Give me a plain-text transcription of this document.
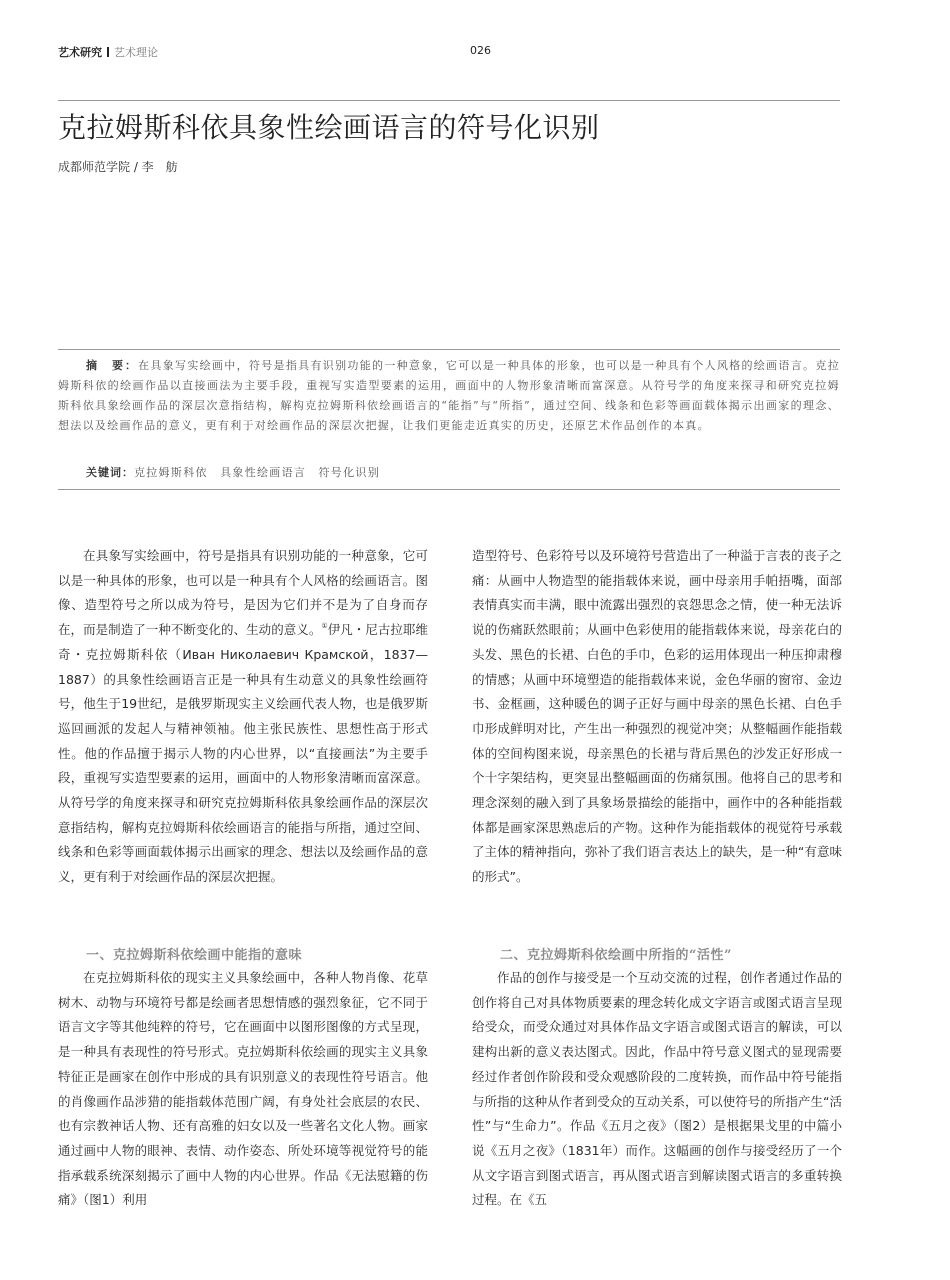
艺术研究 艺术理论	026
克拉姆斯科依具象性绘画语言的符号化识别
成都师范学院 / 李　舫
摘　要：在具象写实绘画中，符号是指具有识别功能的一种意象，它可以是一种具体的形象，也可以是一种具有个人风格的绘画语言。克拉姆斯科依的绘画作品以直接画法为主要手段，重视写实造型要素的运用，画面中的人物形象清晰而富深意。从符号学的角度来探寻和研究克拉姆斯科依具象绘画作品的深层次意指结构，解构克拉姆斯科依绘画语言的“能指”与“所指”，通过空间、线条和色彩等画面载体揭示出画家的理念、想法以及绘画作品的意义，更有利于对绘画作品的深层次把握，让我们更能走近真实的历史，还原艺术作品创作的本真。
关键词：克拉姆斯科依　具象性绘画语言　符号化识别

在具象写实绘画中，符号是指具有识别功能的一种意象，它可以是一种具体的形象，也可以是一种具有个人风格的绘画语言。图像、造型符号之所以成为符号，是因为它们并不是为了自身而存在，而是制造了一种不断变化的、生动的意义。①伊凡・尼古拉耶维奇・克拉姆斯科依（Иван Николаевич Крамской，1837—1887）的具象性绘画语言正是一种具有生动意义的具象性绘画符号，他生于19世纪，是俄罗斯现实主义绘画代表人物，也是俄罗斯巡回画派的发起人与精神领袖。他主张民族性、思想性高于形式性。他的作品擅于揭示人物的内心世界，以“直接画法”为主要手段，重视写实造型要素的运用，画面中的人物形象清晰而富深意。从符号学的角度来探寻和研究克拉姆斯科依具象绘画作品的深层次意指结构，解构克拉姆斯科依绘画语言的能指与所指，通过空间、线条和色彩等画面载体揭示出画家的理念、想法以及绘画作品的意义，更有利于对绘画作品的深层次把握。

一、克拉姆斯科依绘画中能指的意味

在克拉姆斯科依的现实主义具象绘画中，各种人物肖像、花草树木、动物与环境符号都是绘画者思想情感的强烈象征，它不同于语言文字等其他纯粹的符号，它在画面中以图形图像的方式呈现，是一种具有表现性的符号形式。克拉姆斯科依绘画的现实主义具象特征正是画家在创作中形成的具有识别意义的表现性符号语言。他的肖像画作品涉猎的能指载体范围广阔，有身处社会底层的农民、也有宗教神话人物、还有高雅的妇女以及一些著名文化人物。画家通过画中人物的眼神、表情、动作姿态、所处环境等视觉符号的能指承载系统深刻揭示了画中人物的内心世界。作品《无法慰籍的伤痛》（图1）利用

造型符号、色彩符号以及环境符号营造出了一种溢于言表的丧子之痛：从画中人物造型的能指载体来说，画中母亲用手帕捂嘴，面部表情真实而丰满，眼中流露出强烈的哀怨思念之情，使一种无法诉说的伤痛跃然眼前；从画中色彩使用的能指载体来说，母亲花白的头发、黑色的长裙、白色的手巾，色彩的运用体现出一种压抑肃穆的情感；从画中环境塑造的能指载体来说，金色华丽的窗帘、金边书、金框画，这种暖色的调子正好与画中母亲的黑色长裙、白色手巾形成鲜明对比，产生出一种强烈的视觉冲突；从整幅画作能指载体的空间构图来说，母亲黑色的长裙与背后黑色的沙发正好形成一个十字架结构，更突显出整幅画面的伤痛氛围。他将自己的思考和理念深刻的融入到了具象场景描绘的能指中，画作中的各种能指载体都是画家深思熟虑后的产物。这种作为能指载体的视觉符号承载了主体的精神指向，弥补了我们语言表达上的缺失，是一种“有意味的形式”。

二、克拉姆斯科依绘画中所指的“活性”

作品的创作与接受是一个互动交流的过程，创作者通过作品的创作将自己对具体物质要素的理念转化成文字语言或图式语言呈现给受众，而受众通过对具体作品文字语言或图式语言的解读，可以建构出新的意义表达图式。因此，作品中符号意义图式的显现需要经过作者创作阶段和受众观感阶段的二度转换，而作品中符号能指与所指的这种从作者到受众的互动关系，可以使符号的所指产生“活性”与“生命力”。作品《五月之夜》（图2）是根据果戈里的中篇小说《五月之夜》（1831年）而作。这幅画的创作与接受经历了一个从文字语言到图式语言，再从图式语言到解读图式语言的多重转换过程。在《五
